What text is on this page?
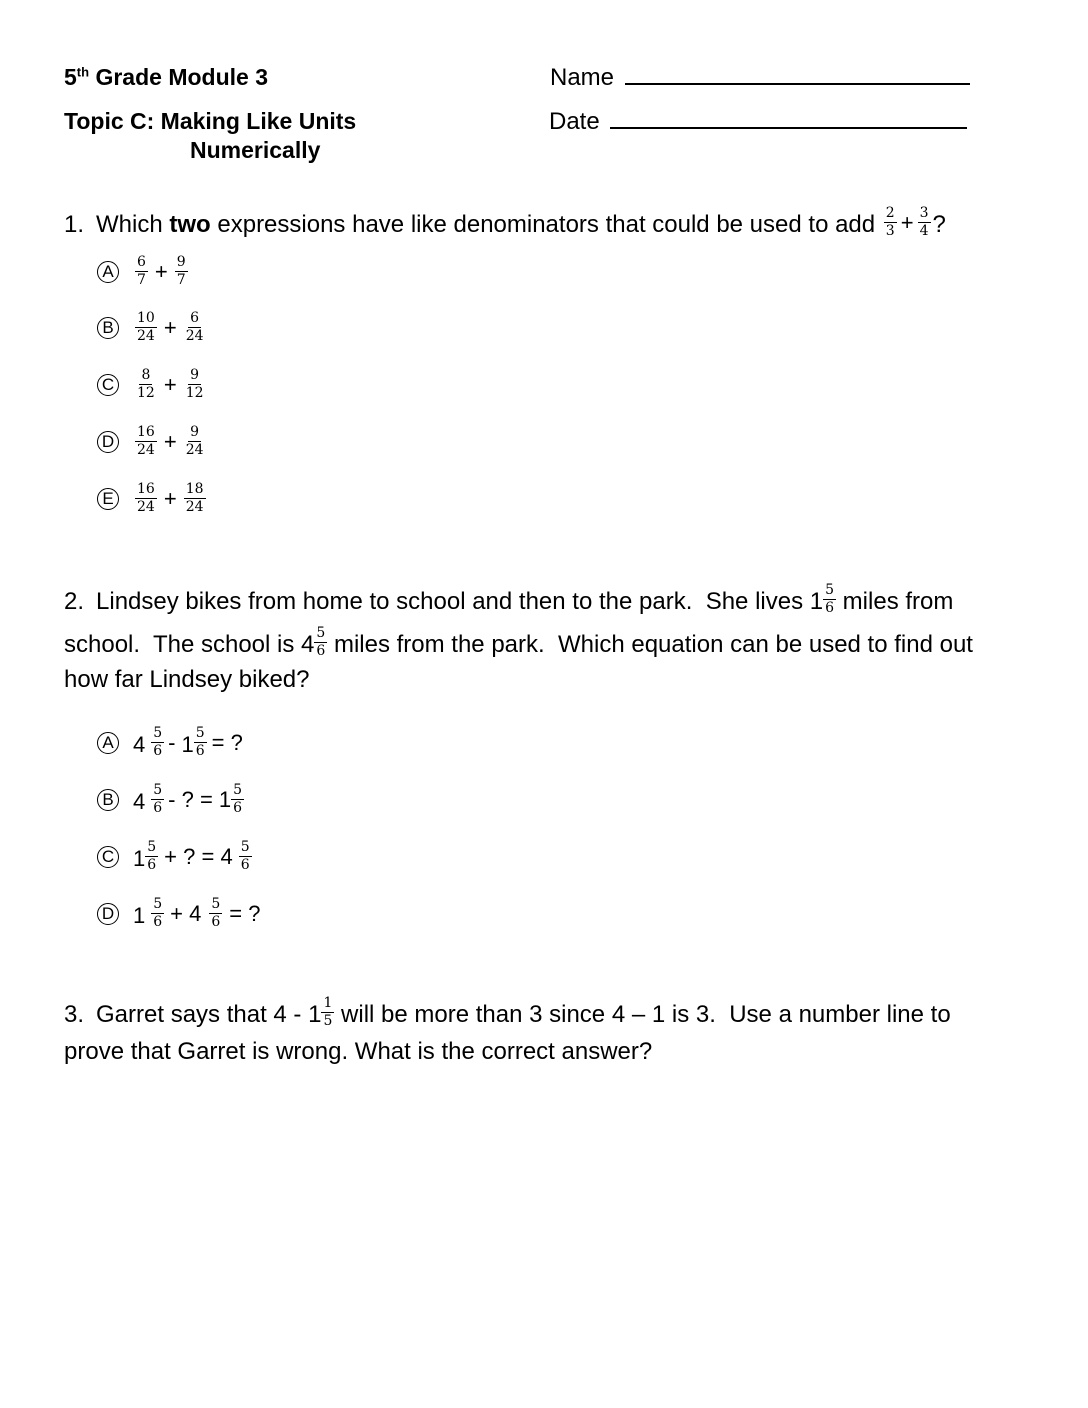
5th Grade Module 3
Topic C: Making Like Units
Numerically
Name
Date
1. Which two expressions have like denominators that could be used to add $\frac{2}{3} + \frac{3}{4}$ ?
A	$\frac{6}{7} + \frac{9}{7}$
B	$\frac{10}{24} + \frac{6}{24}$
C	$\frac{8}{12} + \frac{9}{12}$
D	$\frac{16}{24} + \frac{9}{24}$
E	$\frac{16}{24} + \frac{18}{24}$
2. Lindsey bikes from home to school and then to the park.  She lives $1 \frac{5}{6}$ miles from
school.  The school is $4 \frac{5}{6}$ miles from the park.  Which equation can be used to find out
how far Lindsey biked?
A $4 \frac{5}{6} - 1 \frac{5}{6}$ = ?
B $4 \frac{5}{6}$ - ? = $1 \frac{5}{6}$
C $1 \frac{5}{6}$ + ? = $4 \frac{5}{6}$
D $1 \frac{5}{6} + 4 \frac{5}{6}$ = ?
3. Garret says that $4 - 1 \frac{1}{5}$ will be more than 3 since 4 – 1 is 3.  Use a number line to
prove that Garret is wrong. What is the correct answer?
